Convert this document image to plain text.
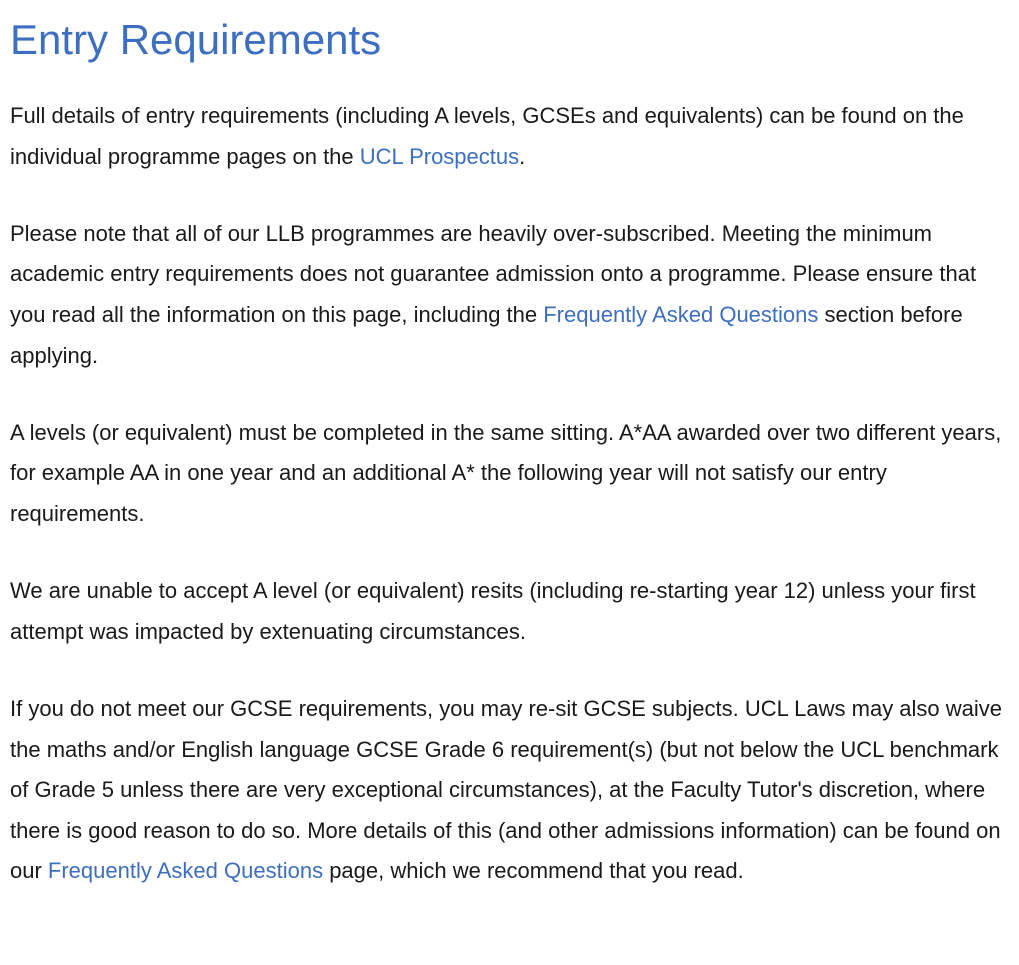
Entry Requirements

Full details of entry requirements (including A levels, GCSEs and equivalents) can be found on the individual programme pages on the UCL Prospectus.

Please note that all of our LLB programmes are heavily over-subscribed. Meeting the minimum academic entry requirements does not guarantee admission onto a programme. Please ensure that you read all the information on this page, including the Frequently Asked Questions section before applying.

A levels (or equivalent) must be completed in the same sitting. A*AA awarded over two different years, for example AA in one year and an additional A* the following year will not satisfy our entry requirements.

We are unable to accept A level (or equivalent) resits (including re-starting year 12) unless your first attempt was impacted by extenuating circumstances.

If you do not meet our GCSE requirements, you may re-sit GCSE subjects. UCL Laws may also waive the maths and/or English language GCSE Grade 6 requirement(s) (but not below the UCL benchmark of Grade 5 unless there are very exceptional circumstances), at the Faculty Tutor's discretion, where there is good reason to do so. More details of this (and other admissions information) can be found on our Frequently Asked Questions page, which we recommend that you read.
